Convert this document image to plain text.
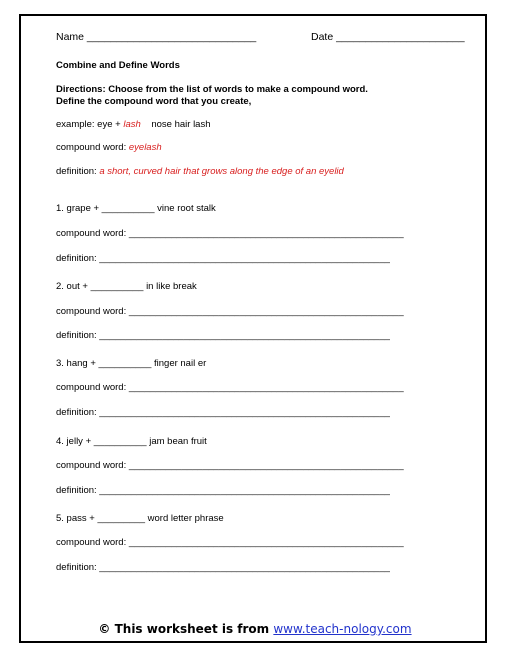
Name _____________________________	Date ______________________
Combine and Define Words
Directions: Choose from the list of words to make a compound word.
Define the compound word that you create,
example: eye + lash nose hair lash
compound word: eyelash
definition: a short, curved hair that grows along the edge of an eyelid
1. grape + __________ vine root stalk
compound word: ____________________________________________________
definition: _______________________________________________________
2. out + __________ in like break
compound word: ____________________________________________________
definition: _______________________________________________________
3. hang + __________ finger nail er
compound word: ____________________________________________________
definition: _______________________________________________________
4. jelly + __________ jam bean fruit
compound word: ____________________________________________________
definition: _______________________________________________________
5. pass + _________ word letter phrase
compound word: ____________________________________________________
definition: _______________________________________________________
© This worksheet is from www.teach-nology.com
